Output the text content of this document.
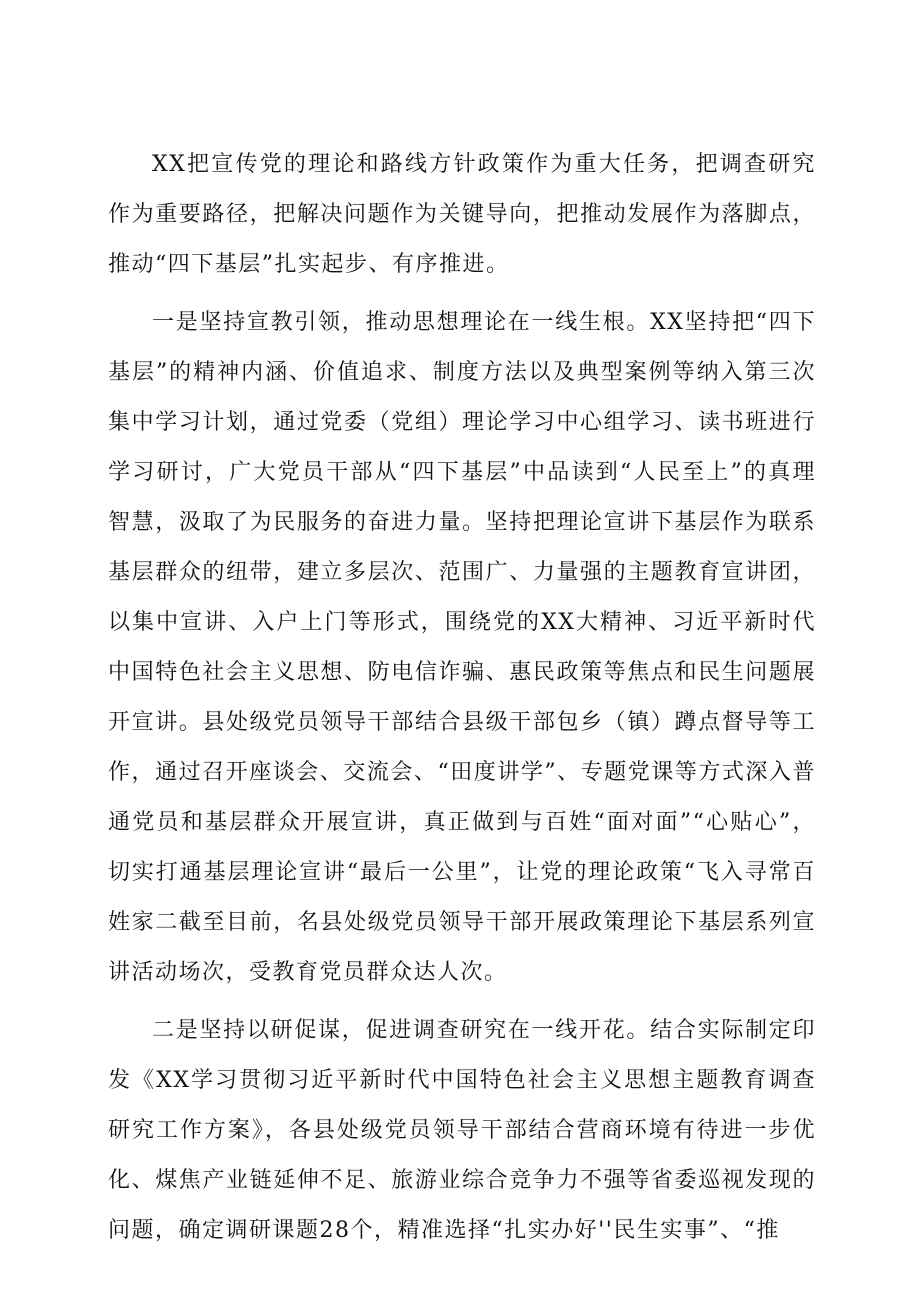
XX把宣传党的理论和路线方针政策作为重大任务，把调查研究作为重要路径，把解决问题作为关键导向，把推动发展作为落脚点，推动“四下基层”扎实起步、有序推进。

一是坚持宣教引领，推动思想理论在一线生根。XX坚持把“四下基层”的精神内涵、价值追求、制度方法以及典型案例等纳入第三次集中学习计划，通过党委（党组）理论学习中心组学习、读书班进行学习研讨，广大党员干部从“四下基层”中品读到“人民至上”的真理智慧，汲取了为民服务的奋进力量。坚持把理论宣讲下基层作为联系基层群众的纽带，建立多层次、范围广、力量强的主题教育宣讲团，以集中宣讲、入户上门等形式，围绕党的XX大精神、习近平新时代中国特色社会主义思想、防电信诈骗、惠民政策等焦点和民生问题展开宣讲。县处级党员领导干部结合县级干部包乡（镇）蹲点督导等工作，通过召开座谈会、交流会、“田度讲学”、专题党课等方式深入普通党员和基层群众开展宣讲，真正做到与百姓“面对面”“心贴心”，切实打通基层理论宣讲“最后一公里”，让党的理论政策“飞入寻常百姓家二截至目前，名县处级党员领导干部开展政策理论下基层系列宣讲活动场次，受教育党员群众达人次。

二是坚持以研促谋，促进调查研究在一线开花。结合实际制定印发《XX学习贯彻习近平新时代中国特色社会主义思想主题教育调查研究工作方案》，各县处级党员领导干部结合营商环境有待进一步优化、煤焦产业链延伸不足、旅游业综合竞争力不强等省委巡视发现的问题，确定调研课题28个，精准选择“扎实办好''民生实事”、“推
